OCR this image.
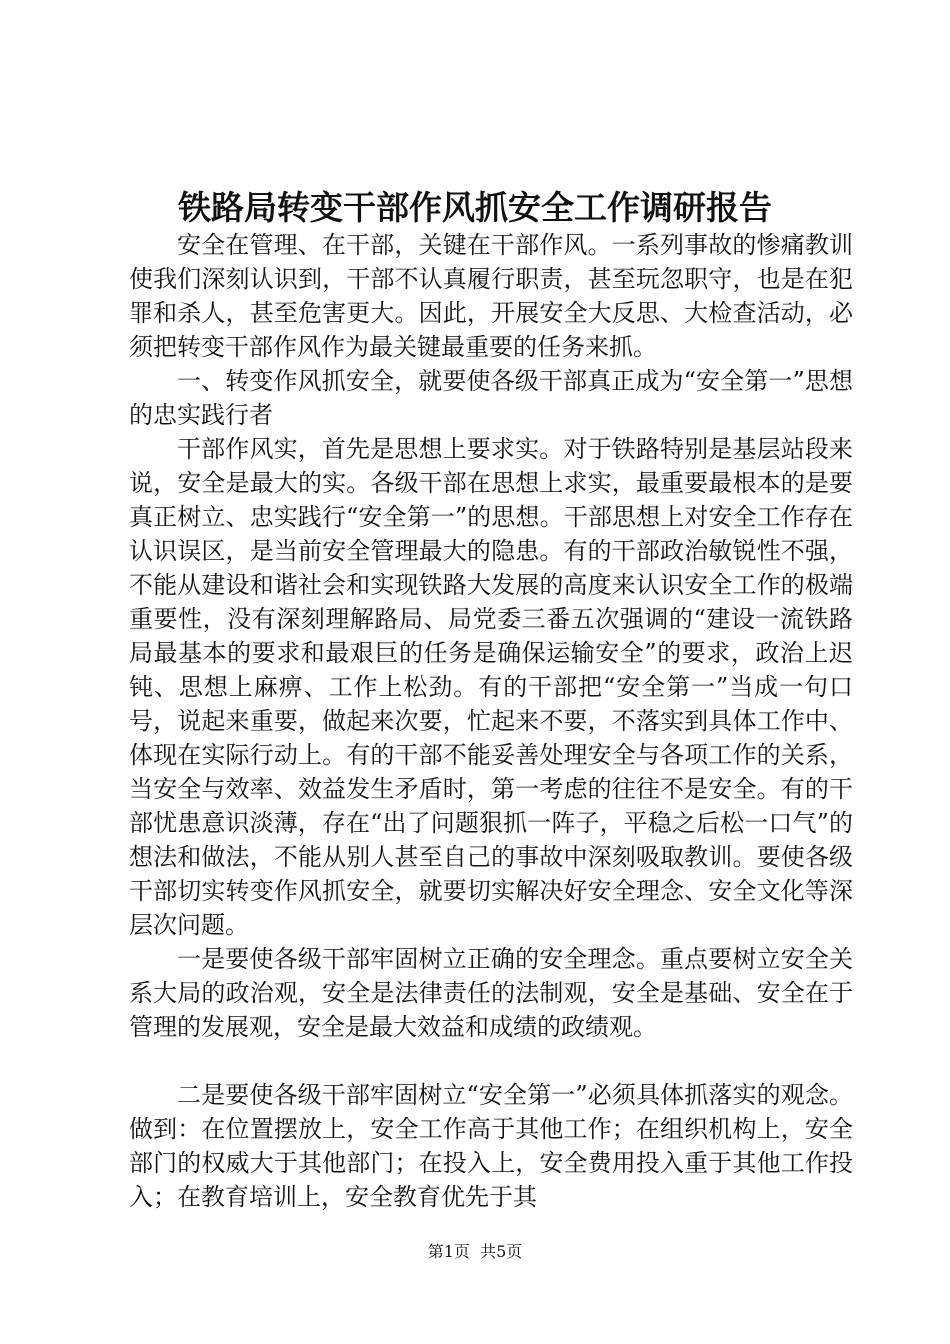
铁路局转变干部作风抓安全工作调研报告

安全在管理、在干部，关键在干部作风。一系列事故的惨痛教训使我们深刻认识到，干部不认真履行职责，甚至玩忽职守，也是在犯罪和杀人，甚至危害更大。因此，开展安全大反思、大检查活动，必须把转变干部作风作为最关键最重要的任务来抓。

一、转变作风抓安全，就要使各级干部真正成为“安全第一”思想的忠实践行者

干部作风实，首先是思想上要求实。对于铁路特别是基层站段来说，安全是最大的实。各级干部在思想上求实，最重要最根本的是要真正树立、忠实践行“安全第一”的思想。干部思想上对安全工作存在认识误区，是当前安全管理最大的隐患。有的干部政治敏锐性不强，不能从建设和谐社会和实现铁路大发展的高度来认识安全工作的极端重要性，没有深刻理解路局、局党委三番五次强调的“建设一流铁路局最基本的要求和最艰巨的任务是确保运输安全”的要求，政治上迟钝、思想上麻痹、工作上松劲。有的干部把“安全第一”当成一句口号，说起来重要，做起来次要，忙起来不要，不落实到具体工作中、体现在实际行动上。有的干部不能妥善处理安全与各项工作的关系，当安全与效率、效益发生矛盾时，第一考虑的往往不是安全。有的干部忧患意识淡薄，存在“出了问题狠抓一阵子，平稳之后松一口气”的想法和做法，不能从别人甚至自己的事故中深刻吸取教训。要使各级干部切实转变作风抓安全，就要切实解决好安全理念、安全文化等深层次问题。

一是要使各级干部牢固树立正确的安全理念。重点要树立安全关系大局的政治观，安全是法律责任的法制观，安全是基础、安全在于管理的发展观，安全是最大效益和成绩的政绩观。

二是要使各级干部牢固树立“安全第一”必须具体抓落实的观念。做到：在位置摆放上，安全工作高于其他工作；在组织机构上，安全部门的权威大于其他部门；在投入上，安全费用投入重于其他工作投入；在教育培训上，安全教育优先于其

第1页  共5页
